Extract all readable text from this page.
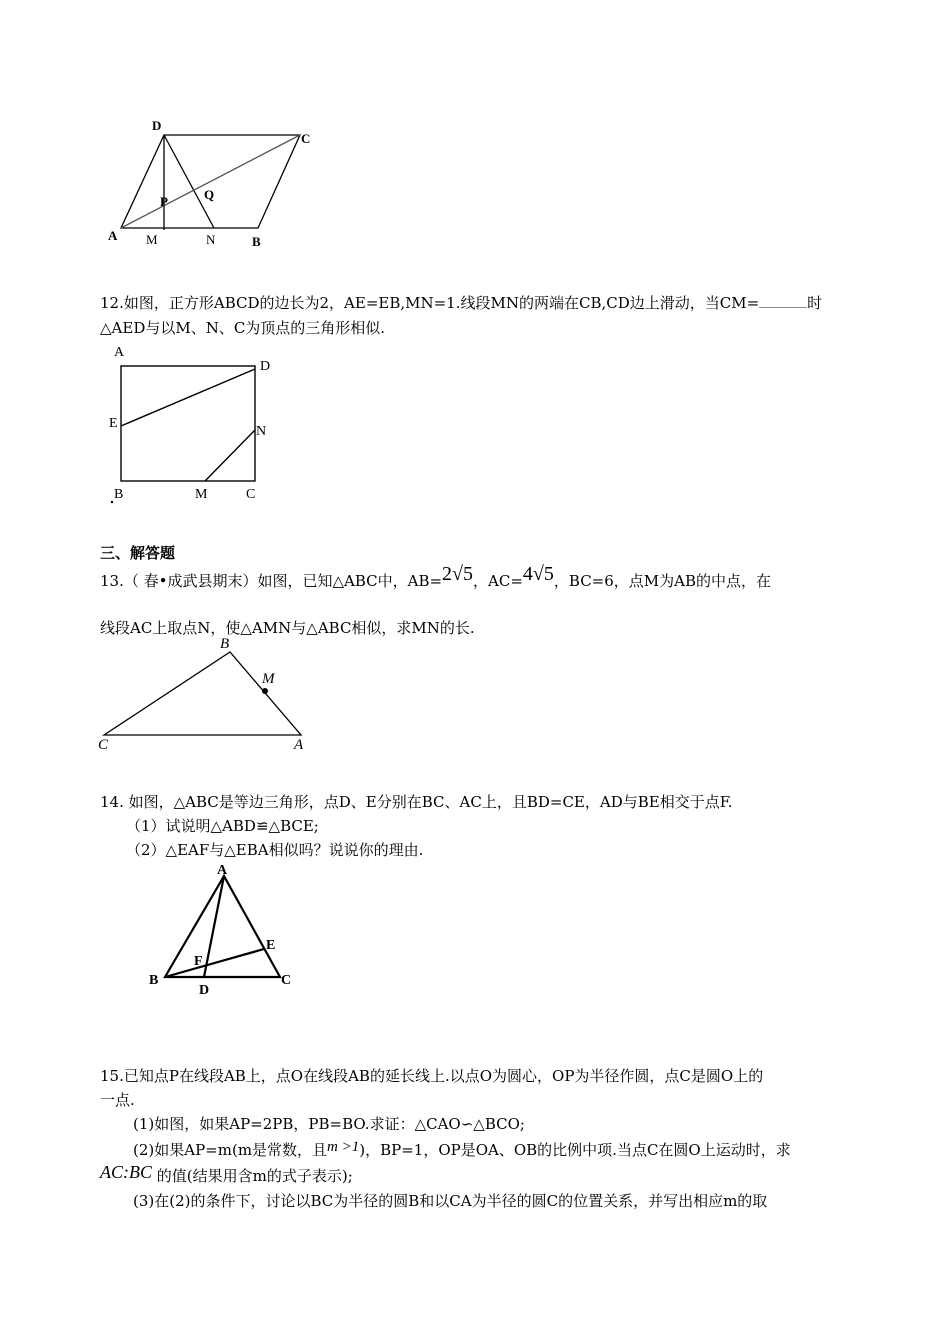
D
C
P	Q
A M	N	B
12.如图，正方形ABCD的边长为2，AE=EB,MN=1.线段MN的两端在CB,CD边上滑动，当CM=	时
△AED与以M、N、C为顶点的三角形相似.
A
D
E
N
B	M	C
三、解答题
13.（ 春•成武县期末）如图，已知△ABC中，AB=2√5，AC=4√5，BC=6，点M为AB的中点，在
线段AC上取点N，使△AMN与△ABC相似，求MN的长.
B
M
C	A
14. 如图，△ABC是等边三角形，点D、E分别在BC、AC上，且BD=CE，AD与BE相交于点F.
（1）试说明△ABD≌△BCE;
（2）△EAF与△EBA相似吗？说说你的理由.
A
E
F
B	C
D
15.已知点P在线段AB上，点O在线段AB的延长线上.以点O为圆心，OP为半径作圆，点C是圆O上的
一点.
(1)如图，如果AP=2PB，PB=BO.求证：△CAO∽△BCO;
(2)如果AP=m(m是常数，且m >1)，BP=1，OP是OA、OB的比例中项.当点C在圆O上运动时，求
AC:BC 的值(结果用含m的式子表示);
(3)在(2)的条件下，讨论以BC为半径的圆B和以CA为半径的圆C的位置关系，并写出相应m的取
